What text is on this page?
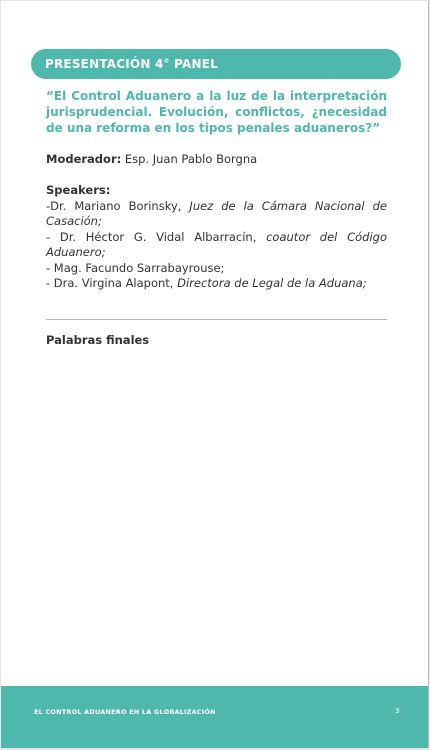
PRESENTACIÓN 4° PANEL

“El Control Aduanero a la luz de la interpretación jurisprudencial. Evolución, conflictos, ¿necesidad de una reforma en los tipos penales aduaneros?”

Moderador: Esp. Juan Pablo Borgna

Speakers:

-Dr. Mariano Borinsky, Juez de la Cámara Nacional de Casación;

- Dr. Héctor G. Vidal Albarracín, coautor del Código Aduanero;

- Mag. Facundo Sarrabayrouse;

- Dra. Virgina Alapont, Directora de Legal de la Aduana;

Palabras finales

EL CONTROL ADUANERO EN LA GLOBALIZACIÓN	3
